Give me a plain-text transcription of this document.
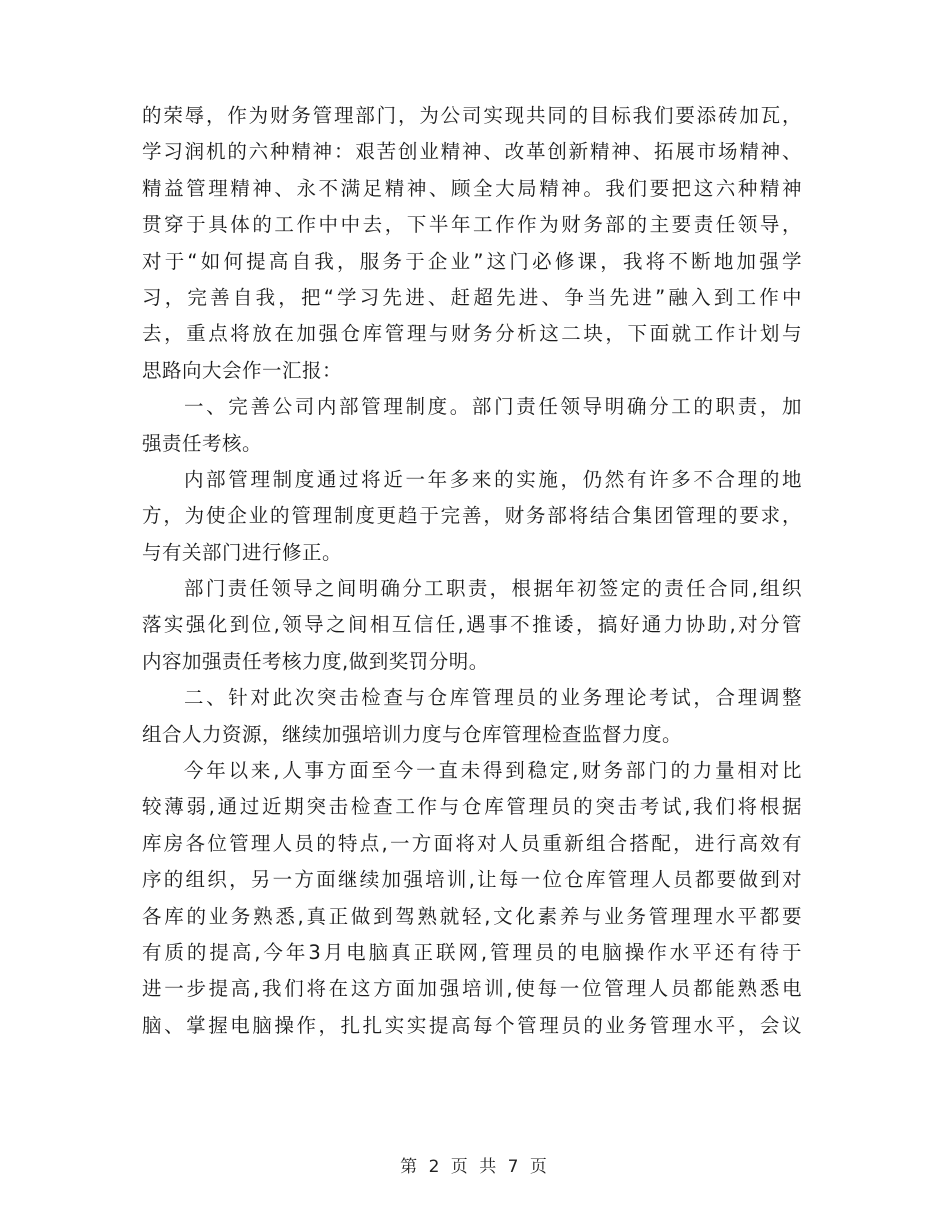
的荣辱，作为财务管理部门，为公司实现共同的目标我们要添砖加瓦，
学习润机的六种精神：艰苦创业精神、改革创新精神、拓展市场精神、
精益管理精神、永不满足精神、顾全大局精神。我们要把这六种精神
贯穿于具体的工作中中去，下半年工作作为财务部的主要责任领导，
对于“如何提高自我，服务于企业”这门必修课，我将不断地加强学
习，完善自我，把“学习先进、赶超先进、争当先进”融入到工作中
去，重点将放在加强仓库管理与财务分析这二块，下面就工作计划与
思路向大会作一汇报：
一、完善公司内部管理制度。部门责任领导明确分工的职责，加
强责任考核。
内部管理制度通过将近一年多来的实施，仍然有许多不合理的地
方，为使企业的管理制度更趋于完善，财务部将结合集团管理的要求，
与有关部门进行修正。
部门责任领导之间明确分工职责，根据年初签定的责任合同,组织
落实强化到位,领导之间相互信任,遇事不推诿，搞好通力协助,对分管
内容加强责任考核力度,做到奖罚分明。
二、针对此次突击检查与仓库管理员的业务理论考试，合理调整
组合人力资源，继续加强培训力度与仓库管理检查监督力度。
今年以来,人事方面至今一直未得到稳定,财务部门的力量相对比
较薄弱,通过近期突击检查工作与仓库管理员的突击考试,我们将根据
库房各位管理人员的特点,一方面将对人员重新组合搭配，进行高效有
序的组织，另一方面继续加强培训,让每一位仓库管理人员都要做到对
各库的业务熟悉,真正做到驾熟就轻,文化素养与业务管理理水平都要
有质的提高,今年3月电脑真正联网,管理员的电脑操作水平还有待于
进一步提高,我们将在这方面加强培训,使每一位管理人员都能熟悉电
脑、掌握电脑操作，扎扎实实提高每个管理员的业务管理水平，会议
第 2 页 共 7 页
